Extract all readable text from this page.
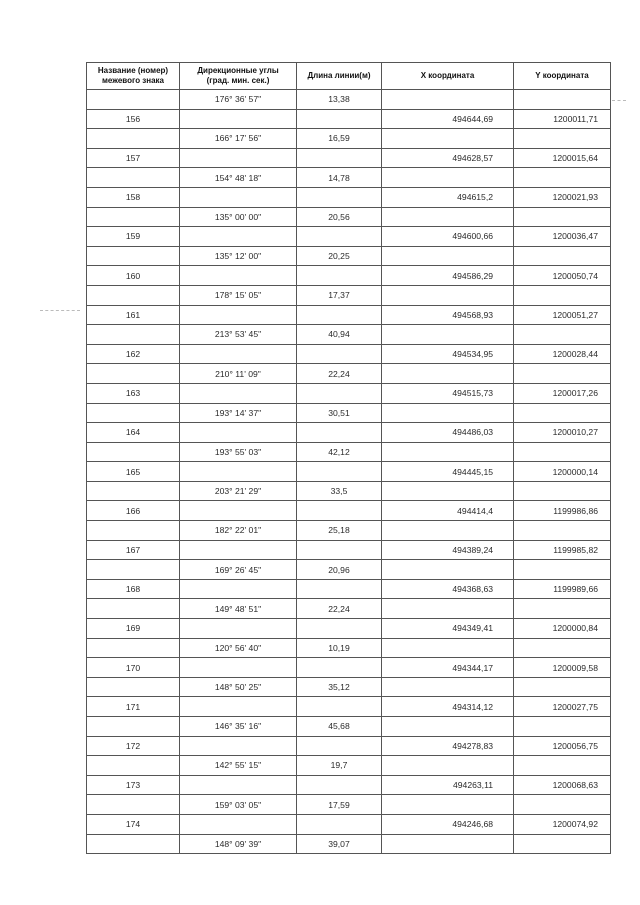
Название (номер)
межевого знака	Дирекционные углы
(град. мин. сек.)	Длина линии(м)	X координата	Y координата
	176° 36' 57"	13,38		
156			494644,69	1200011,71
	166° 17' 56"	16,59		
157			494628,57	1200015,64
	154° 48' 18"	14,78		
158			494615,2	1200021,93
	135° 00' 00"	20,56		
159			494600,66	1200036,47
	135° 12' 00"	20,25		
160			494586,29	1200050,74
	178° 15' 05"	17,37		
161			494568,93	1200051,27
	213° 53' 45"	40,94		
162			494534,95	1200028,44
	210° 11' 09"	22,24		
163			494515,73	1200017,26
	193° 14' 37"	30,51		
164			494486,03	1200010,27
	193° 55' 03"	42,12		
165			494445,15	1200000,14
	203° 21' 29"	33,5		
166			494414,4	1199986,86
	182° 22' 01"	25,18		
167			494389,24	1199985,82
	169° 26' 45"	20,96		
168			494368,63	1199989,66
	149° 48' 51"	22,24		
169			494349,41	1200000,84
	120° 56' 40"	10,19		
170			494344,17	1200009,58
	148° 50' 25"	35,12		
171			494314,12	1200027,75
	146° 35' 16"	45,68		
172			494278,83	1200056,75
	142° 55' 15"	19,7		
173			494263,11	1200068,63
	159° 03' 05"	17,59		
174			494246,68	1200074,92
	148° 09' 39"	39,07		
